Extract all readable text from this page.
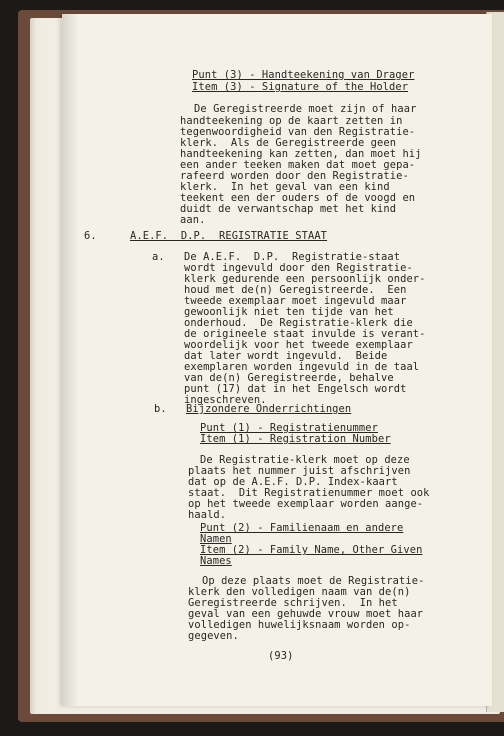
Punt (3) - Handteekening van Drager
Item (3) - Signature of the Holder
De Geregistreerde moet zijn of haar
handteekening op de kaart zetten in
tegenwoordigheid van den Registratie-
klerk.  Als de Geregistreerde geen
handteekening kan zetten, dan moet hij
een ander teeken maken dat moet gepa-
rafeerd worden door den Registratie-
klerk.  In het geval van een kind
teekent een der ouders of de voogd en
duidt de verwantschap met het kind
aan.
6.	A.E.F.  D.P.  REGISTRATIE STAAT
a. De A.E.F.  D.P.  Registratie-staat
wordt ingevuld door den Registratie-
klerk gedurende een persoonlijk onder-
houd met de(n) Geregistreerde.  Een
tweede exemplaar moet ingevuld maar
gewoonlijk niet ten tijde van het
onderhoud.  De Registratie-klerk die
de origineele staat invulde is verant-
woordelijk voor het tweede exemplaar
dat later wordt ingevuld.  Beide
exemplaren worden ingevuld in de taal
van de(n) Geregistreerde, behalve
punt (17) dat in het Engelsch wordt
ingeschreven.
b. Bijzondere Onderrichtingen
Punt (1) - Registratienummer
Item (1) - Registration Number
De Registratie-klerk moet op deze
plaats het nummer juist afschrijven
dat op de A.E.F. D.P. Index-kaart
staat.  Dit Registratienummer moet ook
op het tweede exemplaar worden aange-
haald.
Punt (2) - Familienaam en andere
Namen
Item (2) - Family Name, Other Given
Names
Op deze plaats moet de Registratie-
klerk den volledigen naam van de(n)
Geregistreerde schrijven.  In het
geval van een gehuwde vrouw moet haar
volledigen huwelijksnaam worden op-
gegeven.
(93)
